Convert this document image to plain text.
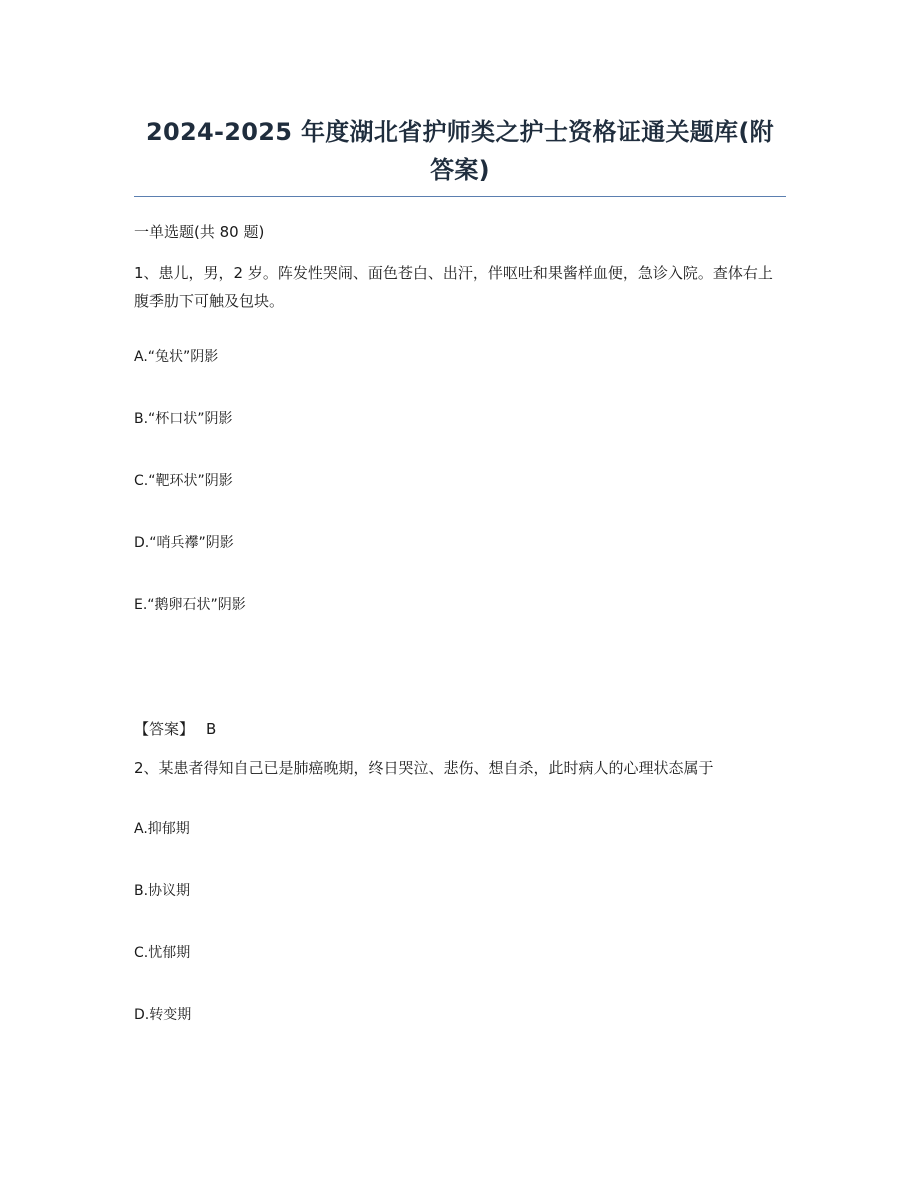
2024-2025 年度湖北省护师类之护士资格证通关题库(附答案)
一单选题(共 80 题)
1、患儿，男，2 岁。阵发性哭闹、面色苍白、出汗，伴呕吐和果酱样血便，急诊入院。查体右上腹季肋下可触及包块。
A.“兔状”阴影
B.“杯口状”阴影
C.“靶环状”阴影
D.“哨兵襻”阴影
E.“鹅卵石状”阴影
【答案】 B
2、某患者得知自己已是肺癌晚期，终日哭泣、悲伤、想自杀，此时病人的心理状态属于
A.抑郁期
B.协议期
C.忧郁期
D.转变期
